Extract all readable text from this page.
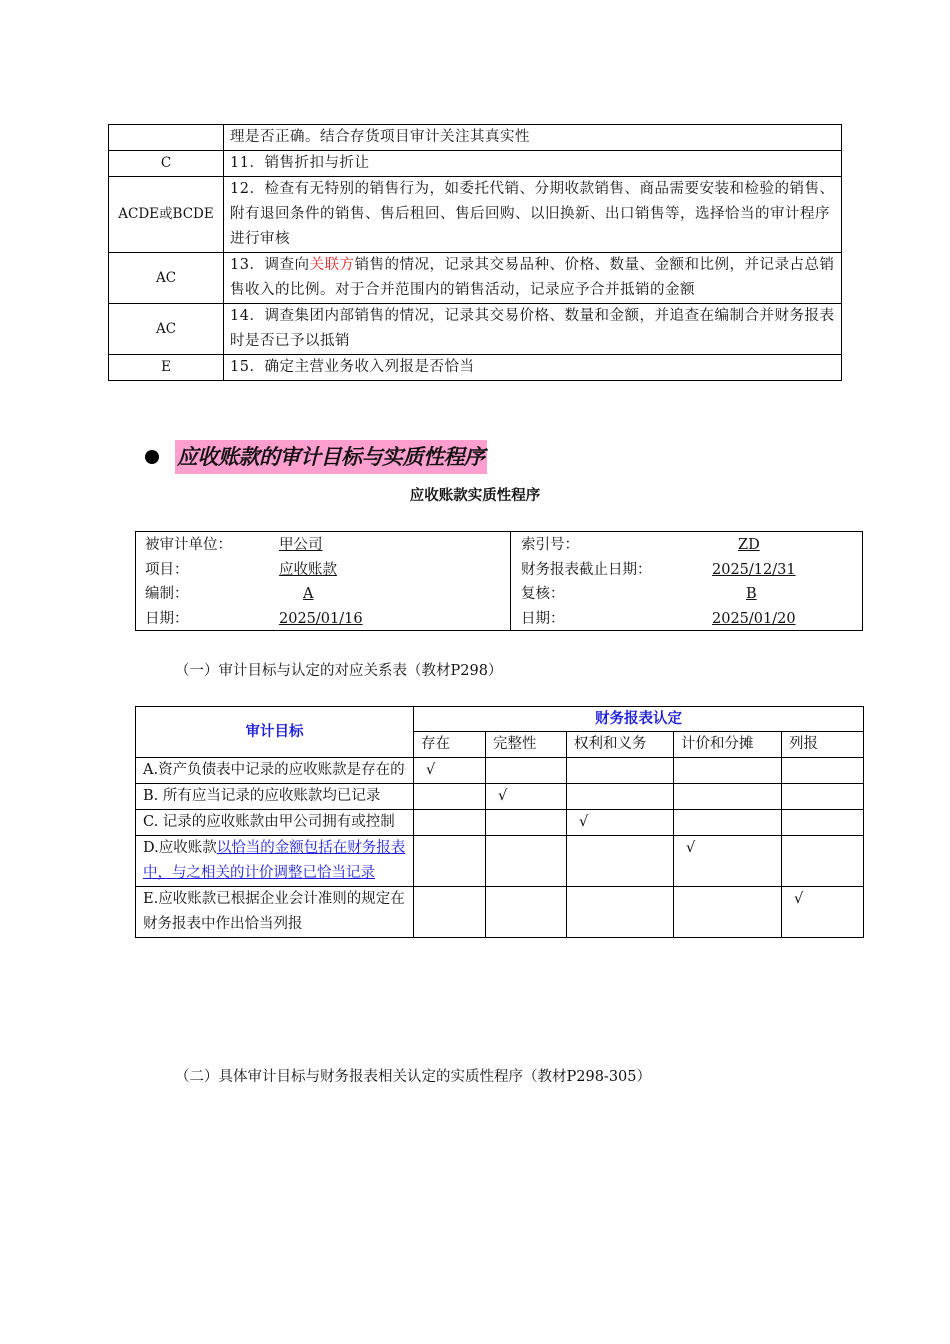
	理是否正确。结合存货项目审计关注其真实性
C	11．销售折扣与折让
ACDE或BCDE	12．检查有无特别的销售行为，如委托代销、分期收款销售、商品需要安装和检验的销售、附有退回条件的销售、售后租回、售后回购、以旧换新、出口销售等，选择恰当的审计程序进行审核
AC	13．调查向关联方销售的情况，记录其交易品种、价格、数量、金额和比例，并记录占总销售收入的比例。对于合并范围内的销售活动，记录应予合并抵销的金额
AC	14．调查集团内部销售的情况，记录其交易价格、数量和金额，并追查在编制合并财务报表时是否已予以抵销
E	15．确定主营业务收入列报是否恰当
应收账款的审计目标与实质性程序
应收账款实质性程序
被审计单位：	甲公司
项目：	应收账款
编制：	A
日期：	2025/01/16
索引号：	ZD
财务报表截止日期：	2025/12/31
复核：	B
日期：	2025/01/20
（一）审计目标与认定的对应关系表（教材P298）
审计目标	财务报表认定				
	存在	完整性	权利和义务	计价和分摊	列报
A.资产负债表中记录的应收账款是存在的	√				
B. 所有应当记录的应收账款均已记录		√			
C. 记录的应收账款由甲公司拥有或控制			√		
D.应收账款以恰当的金额包括在财务报表中，与之相关的计价调整已恰当记录				√	
E.应收账款已根据企业会计准则的规定在财务报表中作出恰当列报					√
（二）具体审计目标与财务报表相关认定的实质性程序（教材P298-305）
